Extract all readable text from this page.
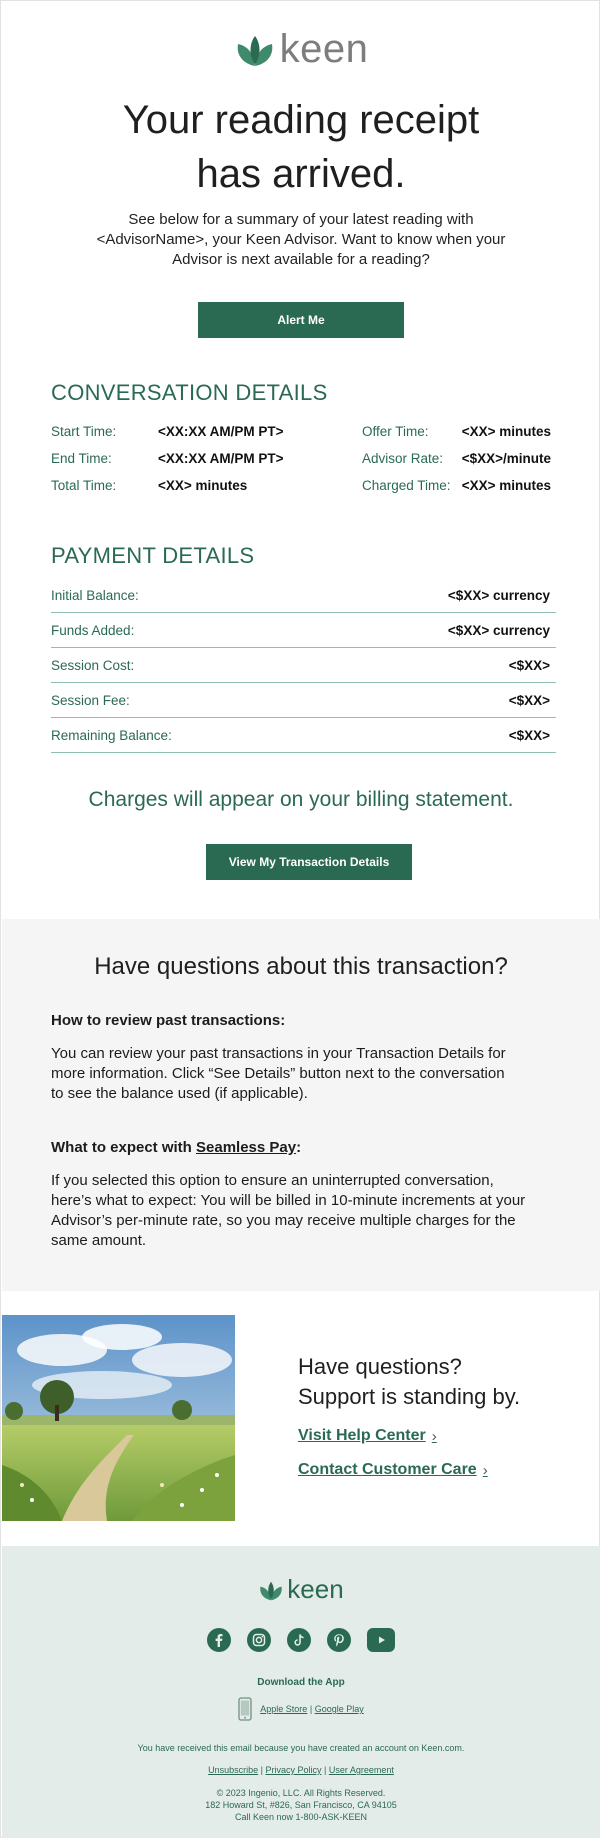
keen
Your reading receipt
has arrived.
See below for a summary of your latest reading with
<AdvisorName>, your Keen Advisor. Want to know when your
Advisor is next available for a reading?
Alert Me
CONVERSATION DETAILS
Start Time:	<XX:XX AM/PM PT>	Offer Time: <XX> minutes
End Time:	<XX:XX AM/PM PT>	Advisor Rate: <$XX>/minute
Total Time:	<XX> minutes	Charged Time: <XX> minutes
PAYMENT DETAILS
Initial Balance:	<$XX> currency
Funds Added:	<$XX> currency
Session Cost:	<$XX>
Session Fee:	<$XX>
Remaining Balance:	<$XX>
Charges will appear on your billing statement.
View My Transaction Details
Have questions about this transaction?
How to review past transactions:
You can review your past transactions in your Transaction Details for
more information. Click “See Details” button next to the conversation
to see the balance used (if applicable).
What to expect with Seamless Pay:
If you selected this option to ensure an uninterrupted conversation,
here’s what to expect: You will be billed in 10-minute increments at your
Advisor’s per-minute rate, so you may receive multiple charges for the
same amount.
Have questions?
Support is standing by.
Visit Help Center ›
Contact Customer Care ›
keen
Download the App
Apple Store | Google Play
You have received this email because you have created an account on Keen.com.
Unsubscribe | Privacy Policy | User Agreement
© 2023 Ingenio, LLC. All Rights Reserved.
182 Howard St, #826, San Francisco, CA 94105
Call Keen now 1-800-ASK-KEEN
